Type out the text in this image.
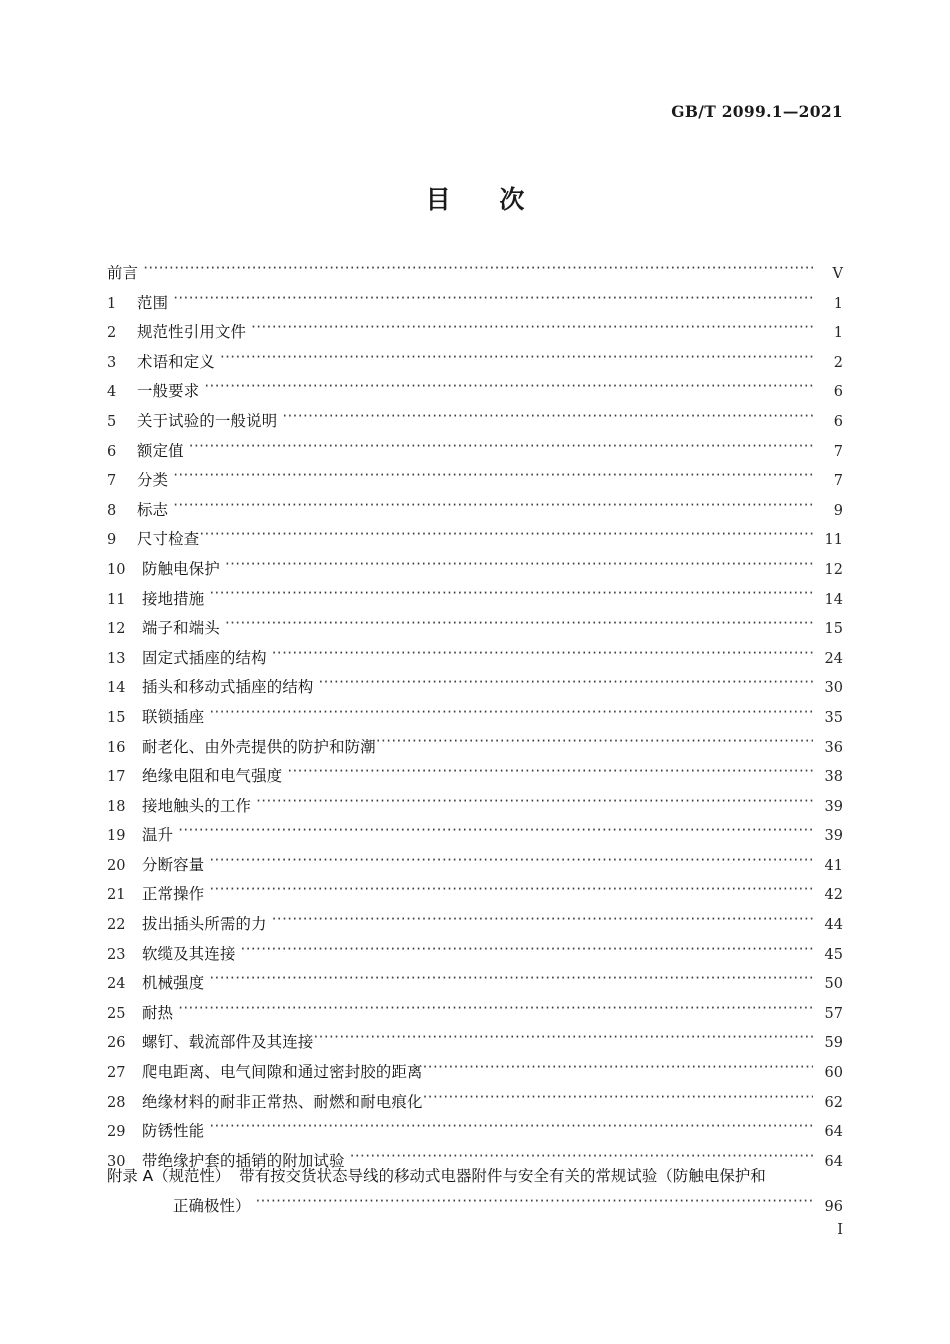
GB/T 2099.1—2021
目 次
前言 ·····	V
1	范围 ·····	1
2	规范性引用文件 ·····	1
3	术语和定义 ·····	2
4	一般要求 ·····	6
5	关于试验的一般说明 ·····	6
6	额定值 ·····	7
7	分类 ·····	7
8	标志 ·····	9
9	尺寸检查 ·····	11
10	防触电保护 ·····	12
11	接地措施 ·····	14
12	端子和端头 ·····	15
13	固定式插座的结构 ·····	24
14	插头和移动式插座的结构 ·····	30
15	联锁插座 ·····	35
16	耐老化、由外壳提供的防护和防潮 ·····	36
17	绝缘电阻和电气强度 ·····	38
18	接地触头的工作 ·····	39
19	温升 ·····	39
20	分断容量 ·····	41
21	正常操作 ·····	42
22	拔出插头所需的力 ·····	44
23	软缆及其连接 ·····	45
24	机械强度 ·····	50
25	耐热 ·····	57
26	螺钉、载流部件及其连接 ·····	59
27	爬电距离、电气间隙和通过密封胶的距离 ·····	60
28	绝缘材料的耐非正常热、耐燃和耐电痕化 ·····	62
29	防锈性能 ·····	64
30	带绝缘护套的插销的附加试验 ·····	64
附录 A（规范性） 带有按交货状态导线的移动式电器附件与安全有关的常规试验（防触电保护和
正确极性） ·····	96
I
